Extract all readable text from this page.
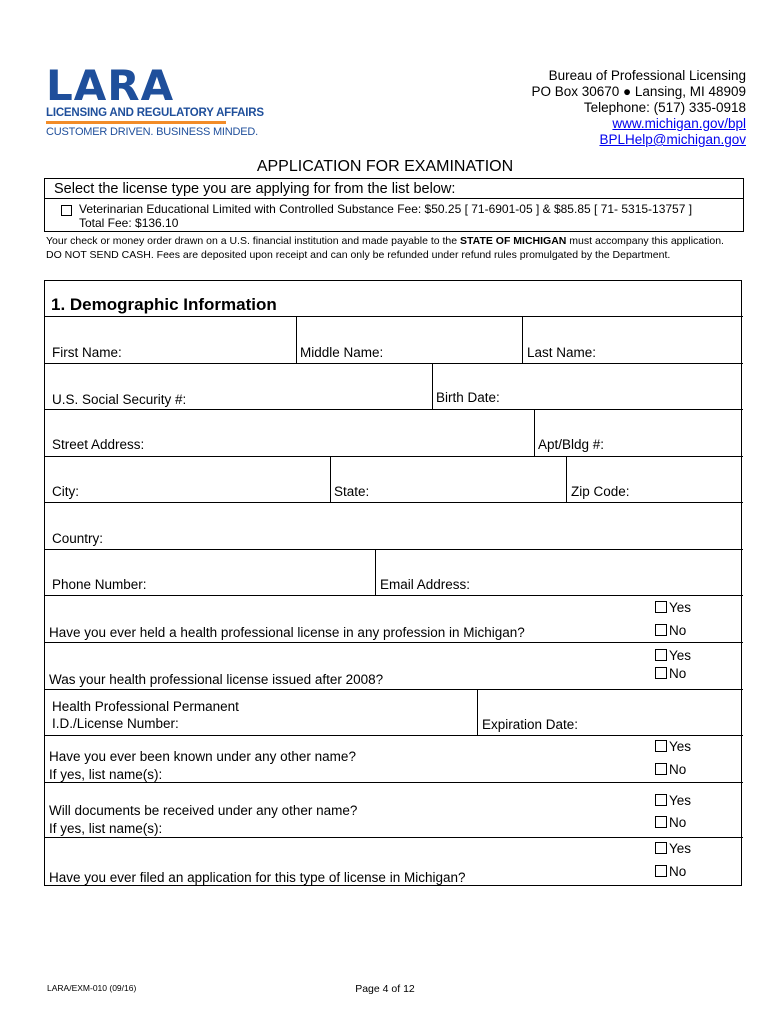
LARA
LICENSING AND REGULATORY AFFAIRS
CUSTOMER DRIVEN. BUSINESS MINDED.
Bureau of Professional Licensing
PO Box 30670 ● Lansing, MI 48909
Telephone: (517) 335-0918
www.michigan.gov/bpl
BPLHelp@michigan.gov
APPLICATION FOR EXAMINATION
Select the license type you are applying for from the list below:
Veterinarian Educational Limited with Controlled Substance Fee: $50.25 [ 71-6901-05 ] & $85.85 [ 71- 5315-13757 ]
Total Fee: $136.10
Your check or money order drawn on a U.S. financial institution and made payable to the STATE OF MICHIGAN must accompany this application. DO NOT SEND CASH. Fees are deposited upon receipt and can only be refunded under refund rules promulgated by the Department.
1. Demographic Information
First Name:	Middle Name:	Last Name:
U.S. Social Security #:	Birth Date:
Street Address:	Apt/Bldg #:
City:	State:	Zip Code:
Country:
Phone Number:	Email Address:
Have you ever held a health professional license in any profession in Michigan?
Yes
No
Was your health professional license issued after 2008?
Yes
No
Health Professional Permanent
I.D./License Number:	Expiration Date:
Have you ever been known under any other name?
If yes, list name(s):
Yes
No
Will documents be received under any other name?
If yes, list name(s):
Yes
No
Have you ever filed an application for this type of license in Michigan?
Yes
No
LARA/EXM-010 (09/16)	Page 4 of 12
